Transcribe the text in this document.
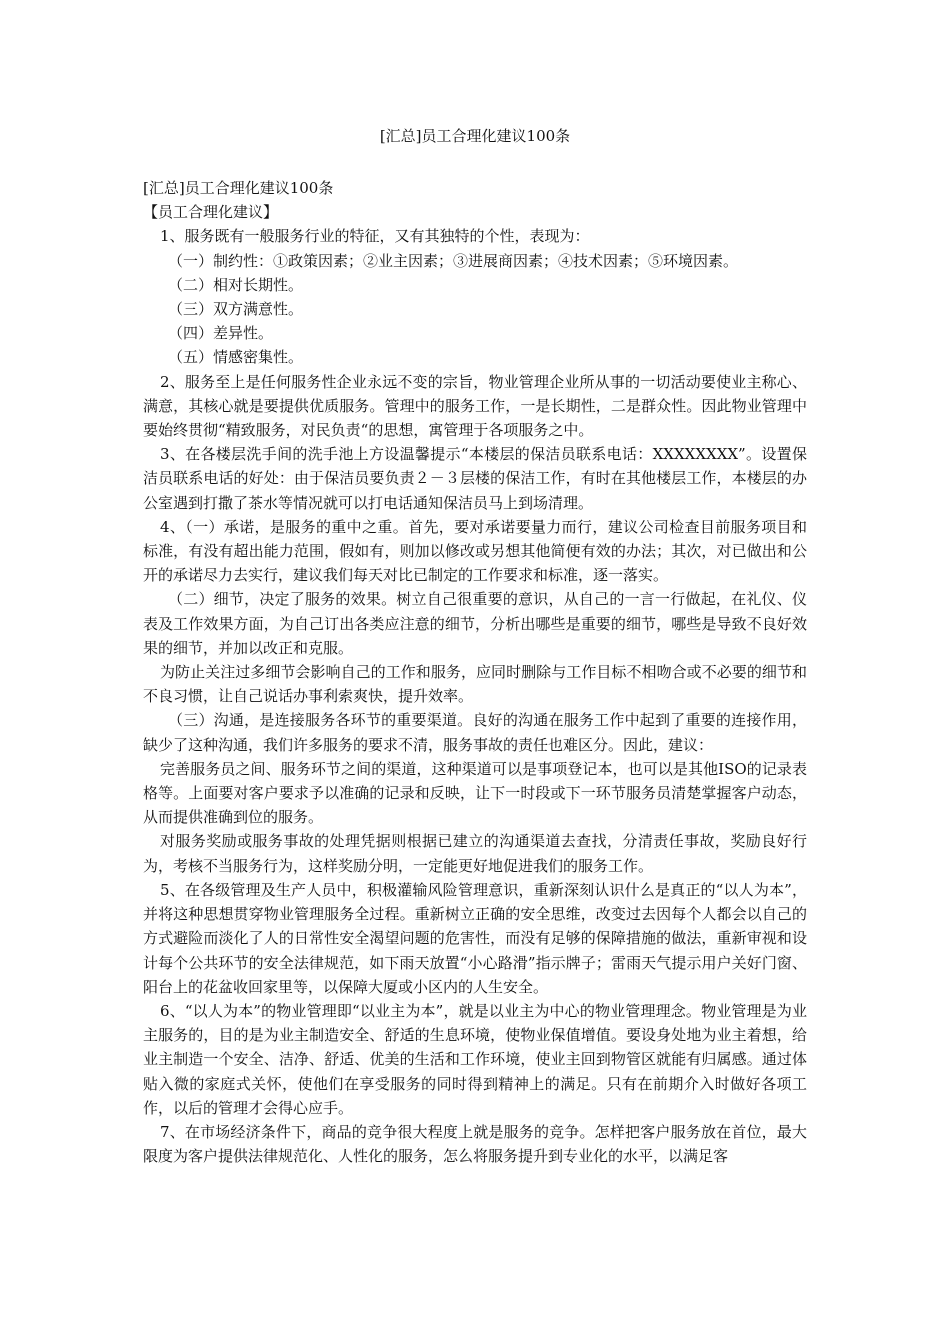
[汇总]员工合理化建议100条

[汇总]员工合理化建议100条

【员工合理化建议】

1、服务既有一般服务行业的特征，又有其独特的个性，表现为：

（一）制约性：①政策因素；②业主因素；③进展商因素；④技术因素；⑤环境因素。

（二）相对长期性。

（三）双方满意性。

（四）差异性。

（五）情感密集性。

2、服务至上是任何服务性企业永远不变的宗旨，物业管理企业所从事的一切活动要使业主称心、满意，其核心就是要提供优质服务。管理中的服务工作，一是长期性，二是群众性。因此物业管理中要始终贯彻“精致服务，对民负责“的思想，寓管理于各项服务之中。

3、在各楼层洗手间的洗手池上方设温馨提示“本楼层的保洁员联系电话：XXXXXXXX”。设置保洁员联系电话的好处：由于保洁员要负责２－３层楼的保洁工作，有时在其他楼层工作，本楼层的办公室遇到打撒了茶水等情况就可以打电话通知保洁员马上到场清理。

4、（一）承诺，是服务的重中之重。首先，要对承诺要量力而行，建议公司检查目前服务项目和标准，有没有超出能力范围，假如有，则加以修改或另想其他简便有效的办法；其次，对已做出和公开的承诺尽力去实行，建议我们每天对比已制定的工作要求和标准，逐一落实。

（二）细节，决定了服务的效果。树立自己很重要的意识，从自己的一言一行做起，在礼仪、仪表及工作效果方面，为自己订出各类应注意的细节，分析出哪些是重要的细节，哪些是导致不良好效果的细节，并加以改正和克服。

为防止关注过多细节会影响自己的工作和服务，应同时删除与工作目标不相吻合或不必要的细节和不良习惯，让自己说话办事利索爽快，提升效率。

（三）沟通，是连接服务各环节的重要渠道。良好的沟通在服务工作中起到了重要的连接作用，缺少了这种沟通，我们许多服务的要求不清，服务事故的责任也难区分。因此，建议：

完善服务员之间、服务环节之间的渠道，这种渠道可以是事项登记本，也可以是其他ISO的记录表格等。上面要对客户要求予以准确的记录和反映，让下一时段或下一环节服务员清楚掌握客户动态，从而提供准确到位的服务。

对服务奖励或服务事故的处理凭据则根据已建立的沟通渠道去查找，分清责任事故，奖励良好行为，考核不当服务行为，这样奖励分明，一定能更好地促进我们的服务工作。

5、在各级管理及生产人员中，积极灌输风险管理意识，重新深刻认识什么是真正的“以人为本”，并将这种思想贯穿物业管理服务全过程。重新树立正确的安全思维，改变过去因每个人都会以自己的方式避险而淡化了人的日常性安全渴望问题的危害性，而没有足够的保障措施的做法，重新审视和设计每个公共环节的安全法律规范，如下雨天放置“小心路滑”指示牌子；雷雨天气提示用户关好门窗、阳台上的花盆收回家里等，以保障大厦或小区内的人生安全。

6、“以人为本”的物业管理即“以业主为本”，就是以业主为中心的物业管理理念。物业管理是为业主服务的，目的是为业主制造安全、舒适的生息环境，使物业保值增值。要设身处地为业主着想，给业主制造一个安全、洁净、舒适、优美的生活和工作环境，使业主回到物管区就能有归属感。通过体贴入微的家庭式关怀，使他们在享受服务的同时得到精神上的满足。只有在前期介入时做好各项工作，以后的管理才会得心应手。

7、在市场经济条件下，商品的竞争很大程度上就是服务的竞争。怎样把客户服务放在首位，最大限度为客户提供法律规范化、人性化的服务，怎么将服务提升到专业化的水平，以满足客
